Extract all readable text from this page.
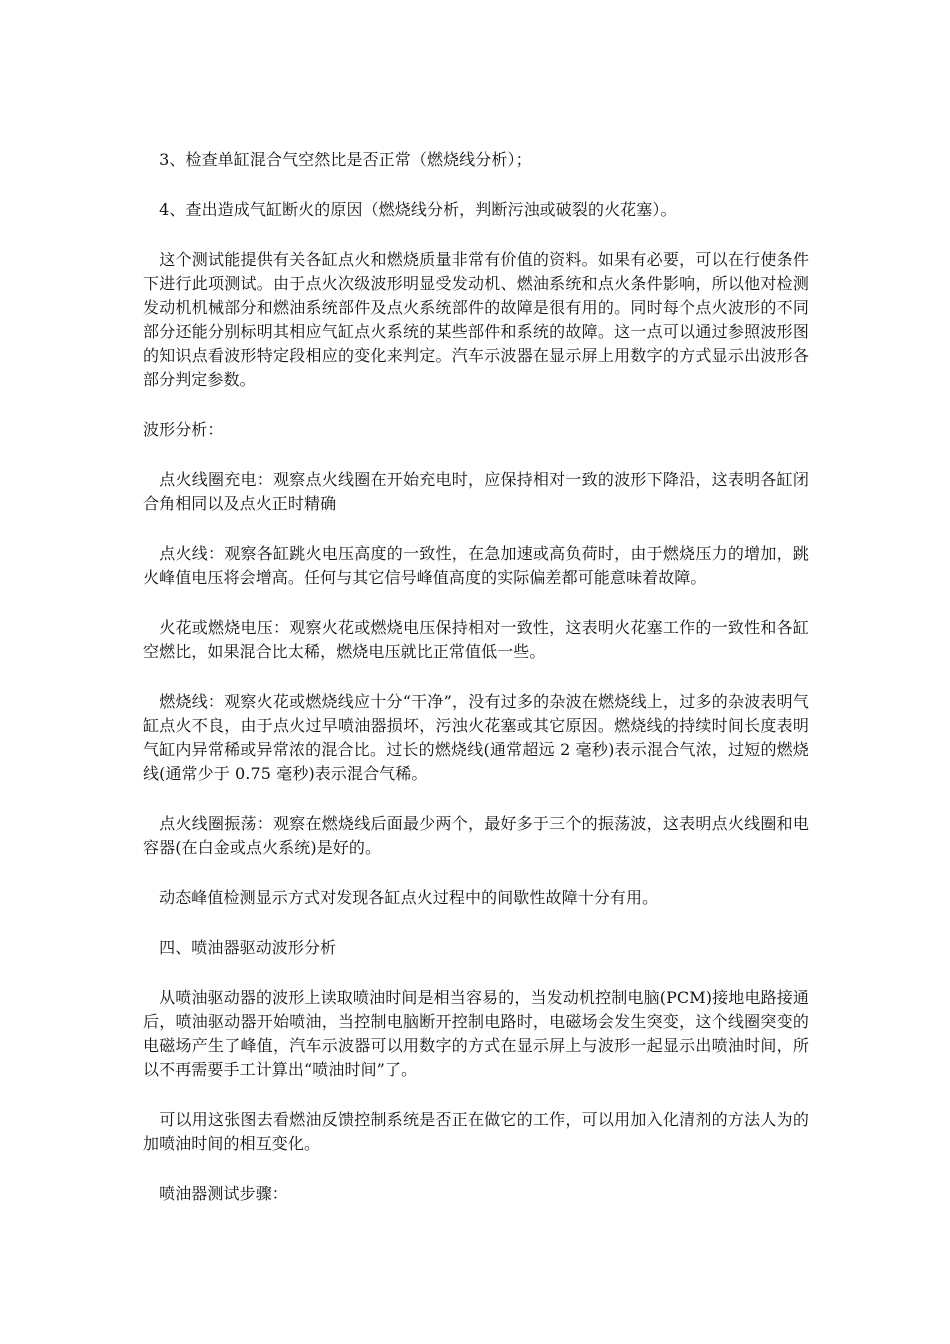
　3、检查单缸混合气空然比是否正常（燃烧线分析）；

　4、查出造成气缸断火的原因（燃烧线分析，判断污浊或破裂的火花塞）。

　这个测试能提供有关各缸点火和燃烧质量非常有价值的资料。如果有必要，可以在行使条件下进行此项测试。由于点火次级波形明显受发动机、燃油系统和点火条件影响，所以他对检测发动机机械部分和燃油系统部件及点火系统部件的故障是很有用的。同时每个点火波形的不同部分还能分别标明其相应气缸点火系统的某些部件和系统的故障。这一点可以通过参照波形图的知识点看波形特定段相应的变化来判定。汽车示波器在显示屏上用数字的方式显示出波形各部分判定参数。

波形分析：

　点火线圈充电：观察点火线圈在开始充电时，应保持相对一致的波形下降沿，这表明各缸闭合角相同以及点火正时精确

　点火线：观察各缸跳火电压高度的一致性，在急加速或高负荷时，由于燃烧压力的增加，跳火峰值电压将会增高。任何与其它信号峰值高度的实际偏差都可能意味着故障。

　火花或燃烧电压：观察火花或燃烧电压保持相对一致性，这表明火花塞工作的一致性和各缸空燃比，如果混合比太稀，燃烧电压就比正常值低一些。

　燃烧线：观察火花或燃烧线应十分“干净”，没有过多的杂波在燃烧线上，过多的杂波表明气缸点火不良，由于点火过早喷油器损坏，污浊火花塞或其它原因。燃烧线的持续时间长度表明气缸内异常稀或异常浓的混合比。过长的燃烧线(通常超远 2 毫秒)表示混合气浓，过短的燃烧线(通常少于 0.75 毫秒)表示混合气稀。

　点火线圈振荡：观察在燃烧线后面最少两个，最好多于三个的振荡波，这表明点火线圈和电容器(在白金或点火系统)是好的。

　动态峰值检测显示方式对发现各缸点火过程中的间歇性故障十分有用。

　四、喷油器驱动波形分析

　从喷油驱动器的波形上读取喷油时间是相当容易的，当发动机控制电脑(PCM)接地电路接通后，喷油驱动器开始喷油，当控制电脑断开控制电路时，电磁场会发生突变，这个线圈突变的电磁场产生了峰值，汽车示波器可以用数字的方式在显示屏上与波形一起显示出喷油时间，所以不再需要手工计算出“喷油时间”了。

　可以用这张图去看燃油反馈控制系统是否正在做它的工作，可以用加入化清剂的方法人为的加喷油时间的相互变化。

　喷油器测试步骤：
